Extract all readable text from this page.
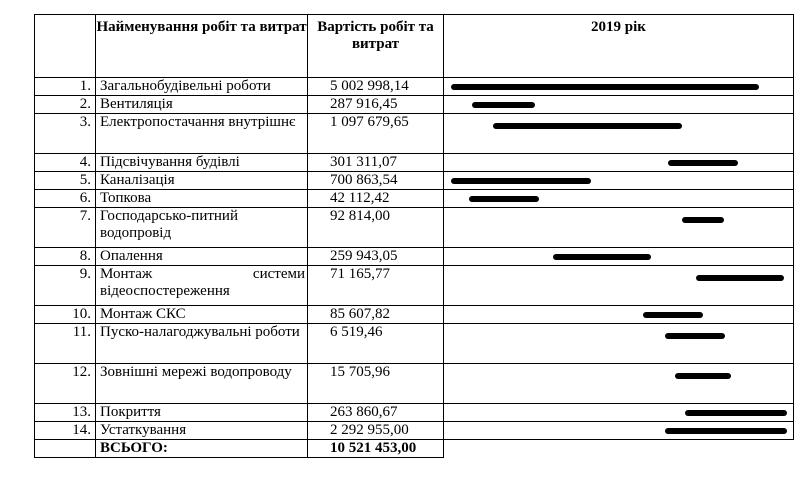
	Найменування робіт та витрат	Вартість робіт та витрат	2019 рік
1.	Загальнобудівельні роботи	5 002 998,14	

2.	Вентиляція	287 916,45	

3.	Електропостачання внутрішнє	1 097 679,65	

4.	Підсвічування будівлі	301 311,07	

5.	Каналізація	700 863,54	

6.	Топкова	42 112,42	

7.	Господарсько-питний водопровід	92 814,00	

8.	Опалення	259 943,05	

9.	Монтаж системи відеоспостереження	71 165,77	

10.	Монтаж СКС	85 607,82	

11.	Пуско-налагоджувальні роботи	6 519,46	

12.	Зовнішні мережі водопроводу	15 705,96	

13.	Покриття	263 860,67	

14.	Устаткування	2 292 955,00	

	ВСЬОГО:	10 521 453,00	
